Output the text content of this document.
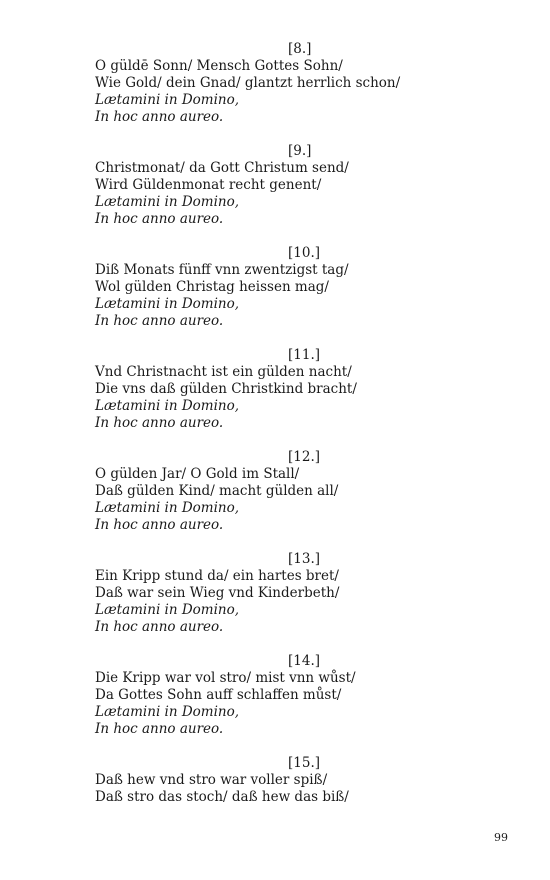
[8.]
O güldē Sonn/ Mensch Gottes Sohn/
Wie Gold/ dein Gnad/ glantzt herrlich schon/
Lætamini in Domino,
In hoc anno aureo.
[9.]
Christmonat/ da Gott Christum send/
Wird Güldenmonat recht genent/
Lætamini in Domino,
In hoc anno aureo.
[10.]
Diß Monats fünff vnn zwentzigst tag/
Wol gülden Christag heissen mag/
Lætamini in Domino,
In hoc anno aureo.
[11.]
Vnd Christnacht ist ein gülden nacht/
Die vns daß gülden Christkind bracht/
Lætamini in Domino,
In hoc anno aureo.
[12.]
O gülden Jar/ O Gold im Stall/
Daß gülden Kind/ macht gülden all/
Lætamini in Domino,
In hoc anno aureo.
[13.]
Ein Kripp stund da/ ein hartes bret/
Daß war sein Wieg vnd Kinderbeth/
Lætamini in Domino,
In hoc anno aureo.
[14.]
Die Kripp war vol stro/ mist vnn wůst/
Da Gottes Sohn auff schlaffen můst/
Lætamini in Domino,
In hoc anno aureo.
[15.]
Daß hew vnd stro war voller spiß/
Daß stro das stoch/ daß hew das biß/
99
